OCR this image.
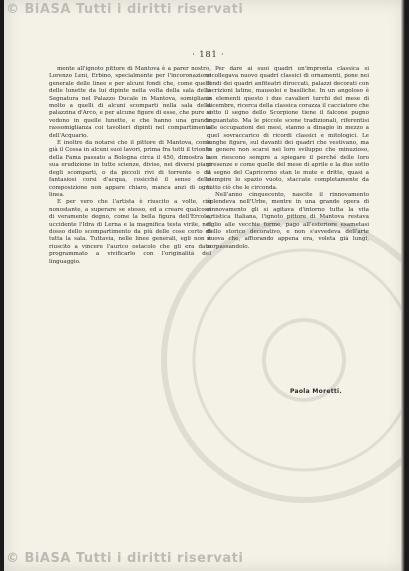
© BiASA Tutti i diritti riservati
· 181 ·

mente all'ignoto pittore di Mantova è a parer nostro, Lorenzo Leni, Erbino, specialmente per l'incoronazione generale delle linee e per alcuni fondi che, come quelli delle lunette da lui dipinte nella volta della sala della Segnatura nel Palazzo Ducale in Mantova, somigliano molto a quelli di alcuni scomparti nella sala della palazzina d'Arco, e per alcune figure di esse, che pure si vedono in quelle lunette, e che hanno una grande rassomiglianza coi tavolieri dipinti nel compartimento dell'Acquario.

E inoltre da notarsi che il pittore di Mantova, come già il Cossa in alcuni suoi lavori, prima fra tutti il trionfo della Fama passato a Bologna circa il 450, dimostra la sua erudizione in tutte scienze, divise, nei diversi piani degli scomparti, o da piccoli rivi di torrente o da fantasiosi corsi d'acqua, cosicché il senso della composizione non appare chiaro, manca anzi di ogni linea.

E per vero che l'artista è riuscito a volte, ciò nonostante, a superare se stesso, ed a creare qualcosa di veramente degno, come la bella figura dell'Ercole, uccidente l'Idra di Lerna e la magnifica testa virile, nel dosso dello scompartimento da più delle cose certo di tutta la sala. Tuttavia, nelle linee generali, egli non è riuscito a vincere l'aurico ostacolo che gli era dato programmato a vivificarlo con l'originalità del linguaggio.

Per dare ai suoi quadri un'impronta classica si ricollegava nuovo quadri classici di ornamenti, pone nei fondi dei quadri anfiteatri diroccati, palazzi decorati con iscrizioni latine, mausolei e basiliche. In un angoloso è in elementi questo i due cavalieri turchi del mese di dicembre, ricerca della classica corazza il cacciatore che sotto il segno dello Scorpione tiene il falcone pugno inguantato. Ma le piccole scene tradizionali, riferentisi alle occupazioni dei mesi, stanno a dinagio in mezzo a quel sovraccarico di ricordi classici e mitologici. Le lunghe figure, sul davanti dei quadri che vestivano, ma in genere non scarsi nei loro sviluppo che minuzioso, non riescono sempre a spiegare il perché delle loro presenze e come quelle del mese di aprile e la due sotto il segno del Capricorno stan le mute e dritte, quasi a riempire lo spazio vuoto, staccate completamente da tutto ciò che le circonda.

Nell'anno cinquecento, nascite il rinnovamento splendeva nell'Urbe, mentre in una grande opera di rinnovamento gli si agitava d'intorno tutta la vita artistica Italiana, l'ignoto pittore di Mantova restava figlio alle vecchie forme, pago all'esteriore esametasi dello storico decorativo, e non s'avvedeva dell'arte nuova che, affiorando appena era, voleta già lungi, sorpassandolo.

Paola Moretti.
© BiASA Tutti i diritti riservati
